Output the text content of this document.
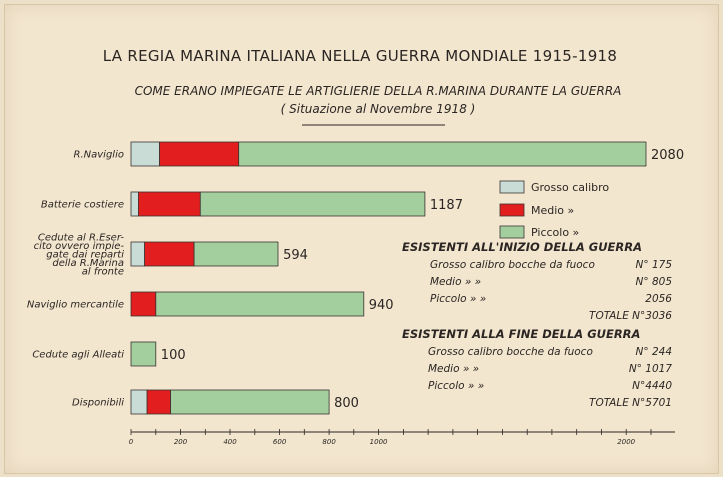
LA REGIA MARINA ITALIANA NELLA GUERRA MONDIALE 1915-1918
COME ERANO IMPIEGATE LE ARTIGLIERIE DELLA R.MARINA DURANTE LA GUERRA
( Situazione al Novembre 1918 )
R.Naviglio	2080
Batterie costiere	1187
Cedute al R.Eser-cito ovvero impie-gate dai reparti della R.Marina al fronte
594
Naviglio mercantile	940
Cedute agli Alleati	100
Disponibili	800
0	200	400	600	800	1000	2000
Grosso calibro
Medio »
Piccolo »
ESISTENTI ALL'INIZIO DELLA GUERRA
Grosso calibro bocche da fuoco	N° 175
Medio » »	N° 805
Piccolo » »	2056
TOTALE N°3036
ESISTENTI ALLA FINE DELLA GUERRA
Grosso calibro bocche da fuoco	N° 244
Medio » »	N° 1017
Piccolo » »	N°4440
TOTALE N°5701
